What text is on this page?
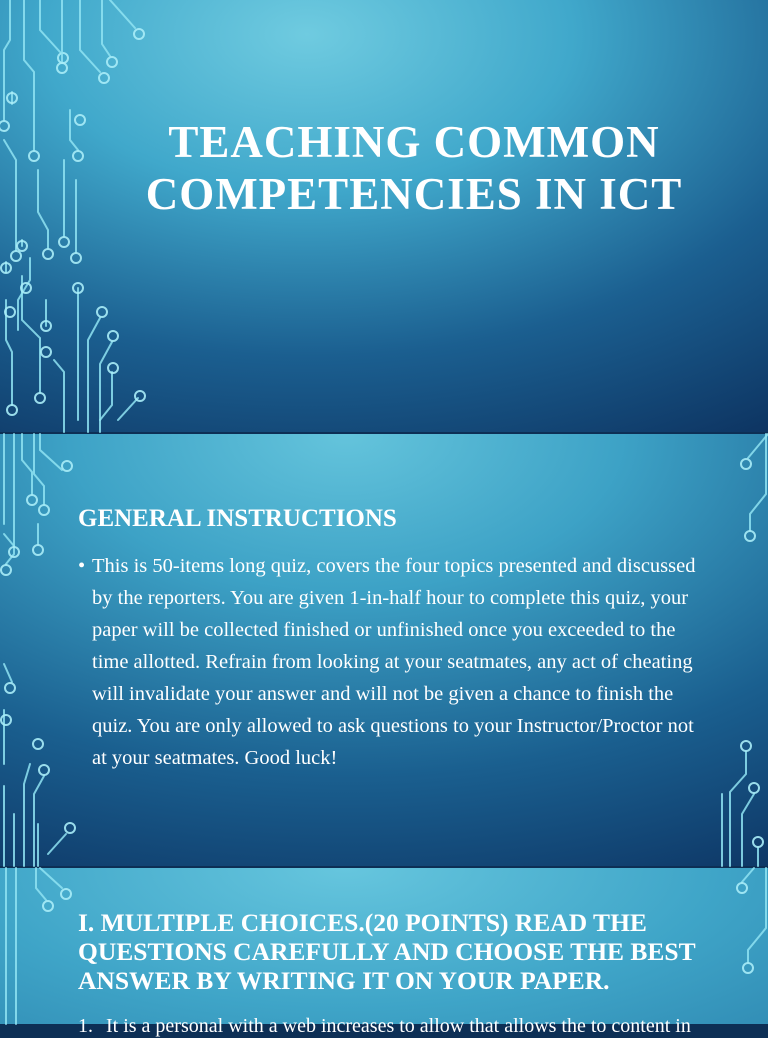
TEACHING COMMON COMPETENCIES IN ICT
GENERAL INSTRUCTIONS
• This is 50-items long quiz, covers the four topics presented and discussed by the reporters. You are given 1-in-half hour to complete this quiz, your paper will be collected finished or unfinished once you exceeded to the time allotted. Refrain from looking at your seatmates, any act of cheating will invalidate your answer and will not be given a chance to finish the quiz. You are only allowed to ask questions to your Instructor/Proctor not at your seatmates. Good luck!

I. MULTIPLE CHOICES.(20 POINTS) READ THE QUESTIONS CAREFULLY AND CHOOSE THE BEST ANSWER BY WRITING IT ON YOUR PAPER.
1. It is a personal with a web increases to allow that allows the to content in
